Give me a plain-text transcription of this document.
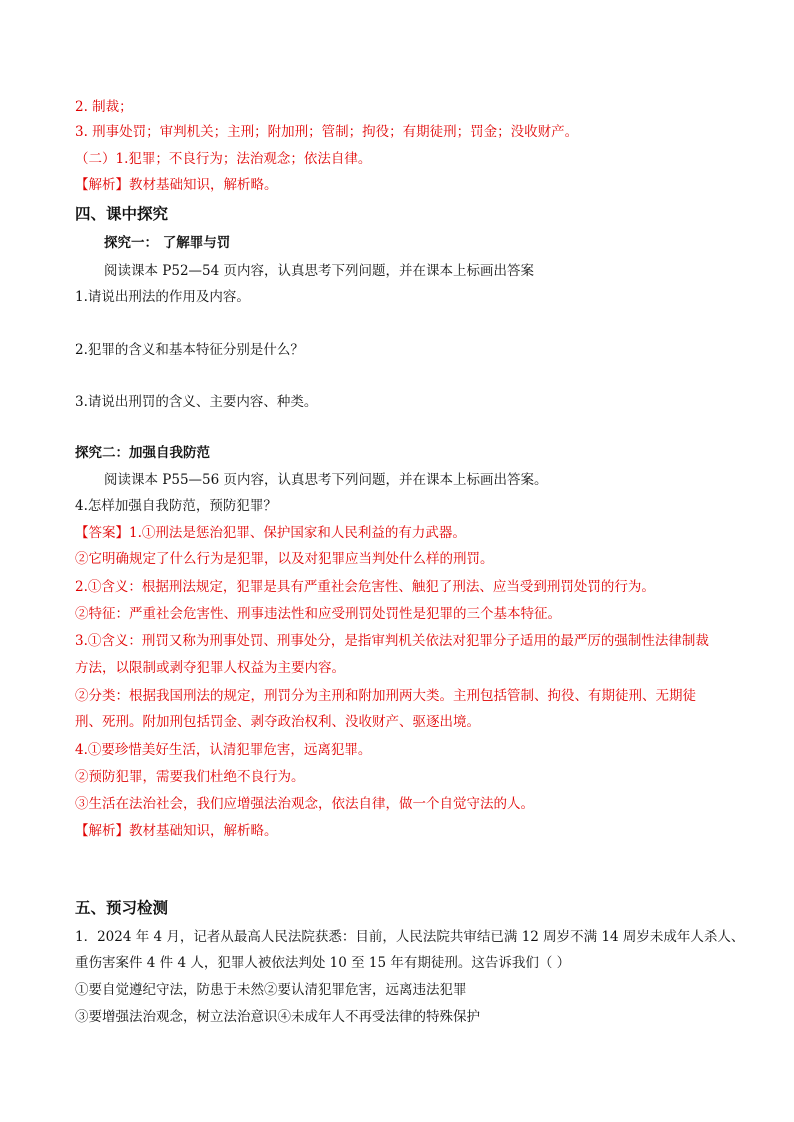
2. 制裁；
3. 刑事处罚；审判机关；主刑；附加刑；管制；拘役；有期徒刑；罚金；没收财产。
（二）1.犯罪；不良行为；法治观念；依法自律。
【解析】教材基础知识，解析略。
四、课中探究
探究一： 了解罪与罚
阅读课本 P52—54 页内容，认真思考下列问题，并在课本上标画出答案
1.请说出刑法的作用及内容。
2.犯罪的含义和基本特征分别是什么？
3.请说出刑罚的含义、主要内容、种类。
探究二：加强自我防范
阅读课本 P55—56 页内容，认真思考下列问题，并在课本上标画出答案。
4.怎样加强自我防范，预防犯罪？
【答案】1.①刑法是惩治犯罪、保护国家和人民利益的有力武器。
②它明确规定了什么行为是犯罪，以及对犯罪应当判处什么样的刑罚。
2.①含义：根据刑法规定，犯罪是具有严重社会危害性、触犯了刑法、应当受到刑罚处罚的行为。
②特征：严重社会危害性、刑事违法性和应受刑罚处罚性是犯罪的三个基本特征。
3.①含义：刑罚又称为刑事处罚、刑事处分，是指审判机关依法对犯罪分子适用的最严厉的强制性法律制裁
方法，以限制或剥夺犯罪人权益为主要内容。
②分类：根据我国刑法的规定，刑罚分为主刑和附加刑两大类。主刑包括管制、拘役、有期徒刑、无期徒
刑、死刑。附加刑包括罚金、剥夺政治权利、没收财产、驱逐出境。
4.①要珍惜美好生活，认清犯罪危害，远离犯罪。
②预防犯罪，需要我们杜绝不良行为。
③生活在法治社会，我们应增强法治观念，依法自律，做一个自觉守法的人。
【解析】教材基础知识，解析略。
五、预习检测
1．2024 年 4 月，记者从最高人民法院获悉：目前，人民法院共审结已满 12 周岁不满 14 周岁未成年人杀人、
重伤害案件 4 件 4 人，犯罪人被依法判处 10 至 15 年有期徒刑。这告诉我们（ ）
①要自觉遵纪守法，防患于未然②要认清犯罪危害，远离违法犯罪
③要增强法治观念，树立法治意识④未成年人不再受法律的特殊保护
